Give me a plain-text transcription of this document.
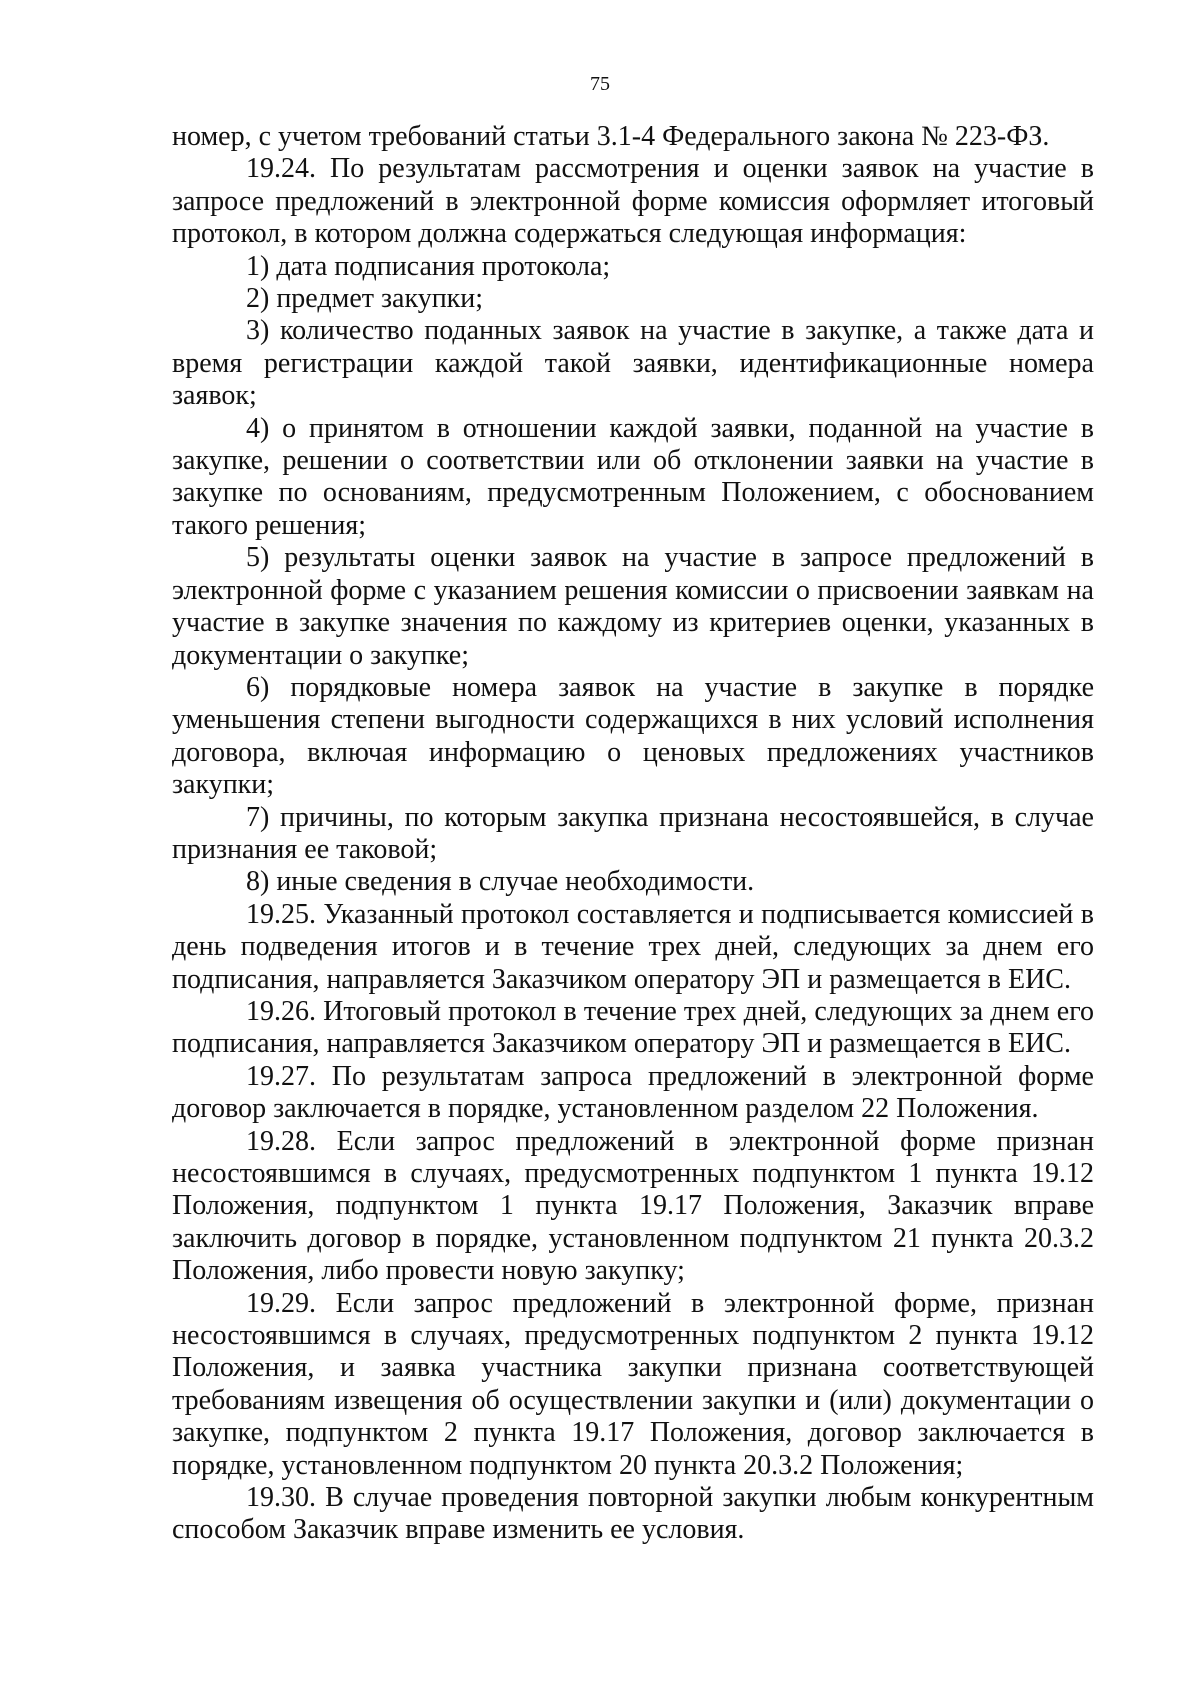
75

номер, с учетом требований статьи 3.1-4 Федерального закона № 223-ФЗ.

19.24. По результатам рассмотрения и оценки заявок на участие в запросе предложений в электронной форме комиссия оформляет итоговый протокол, в котором должна содержаться следующая информация:

1) дата подписания протокола;

2) предмет закупки;

3) количество поданных заявок на участие в закупке, а также дата и время регистрации каждой такой заявки, идентификационные номера заявок;

4) о принятом в отношении каждой заявки, поданной на участие в закупке, решении о соответствии или об отклонении заявки на участие в закупке по основаниям, предусмотренным Положением, с обоснованием такого решения;

5) результаты оценки заявок на участие в запросе предложений в электронной форме с указанием решения комиссии о присвоении заявкам на участие в закупке значения по каждому из критериев оценки, указанных в документации о закупке;

6) порядковые номера заявок на участие в закупке в порядке уменьшения степени выгодности содержащихся в них условий исполнения договора, включая информацию о ценовых предложениях участников закупки;

7) причины, по которым закупка признана несостоявшейся, в случае признания ее таковой;

8) иные сведения в случае необходимости.

19.25. Указанный протокол составляется и подписывается комиссией в день подведения итогов и в течение трех дней, следующих за днем его подписания, направляется Заказчиком оператору ЭП и размещается в ЕИС.

19.26. Итоговый протокол в течение трех дней, следующих за днем его подписания, направляется Заказчиком оператору ЭП и размещается в ЕИС.

19.27. По результатам запроса предложений в электронной форме договор заключается в порядке, установленном разделом 22 Положения.

19.28. Если запрос предложений в электронной форме признан несостоявшимся в случаях, предусмотренных подпунктом 1 пункта 19.12 Положения, подпунктом 1 пункта 19.17 Положения, Заказчик вправе заключить договор в порядке, установленном подпунктом 21 пункта 20.3.2 Положения, либо провести новую закупку;

19.29. Если запрос предложений в электронной форме, признан несостоявшимся в случаях, предусмотренных подпунктом 2 пункта 19.12 Положения, и заявка участника закупки признана соответствующей требованиям извещения об осуществлении закупки и (или) документации о закупке, подпунктом 2 пункта 19.17 Положения, договор заключается в порядке, установленном подпунктом 20 пункта 20.3.2 Положения;

19.30. В случае проведения повторной закупки любым конкурентным способом Заказчик вправе изменить ее условия.
